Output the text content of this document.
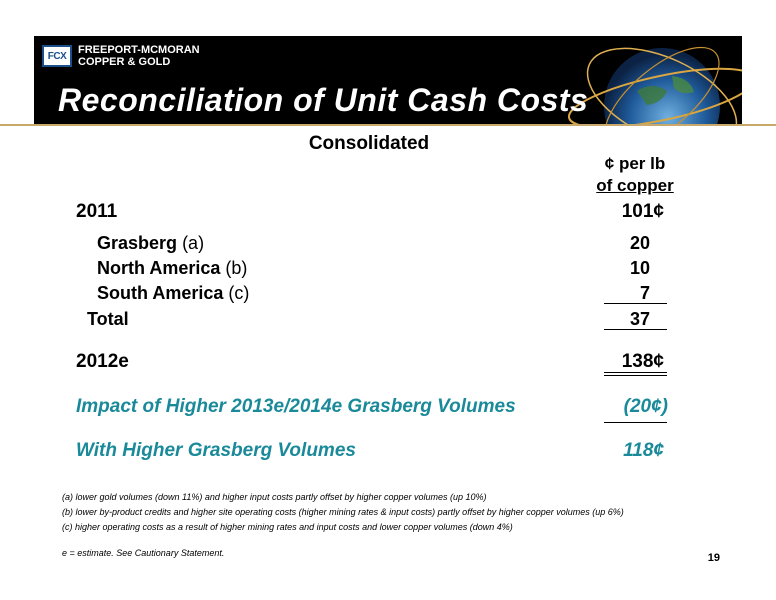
FCX FREEPORT-MCMORAN
COPPER & GOLD
Reconciliation of Unit Cash Costs
Consolidated
¢ per lb
of copper
2011	101¢
Grasberg (a)	20
North America (b)	10
South America (c)	7
Total	37
2012e	138¢
Impact of Higher 2013e/2014e Grasberg Volumes	(20¢)
With Higher Grasberg Volumes	118¢
(a) lower gold volumes (down 11%) and higher input costs partly offset by higher copper volumes (up 10%)
(b) lower by-product credits and higher site operating costs (higher mining rates & input costs) partly offset by higher copper volumes (up 6%)
(c) higher operating costs as a result of higher mining rates and input costs and lower copper volumes (down 4%)
e = estimate. See Cautionary Statement.	19
